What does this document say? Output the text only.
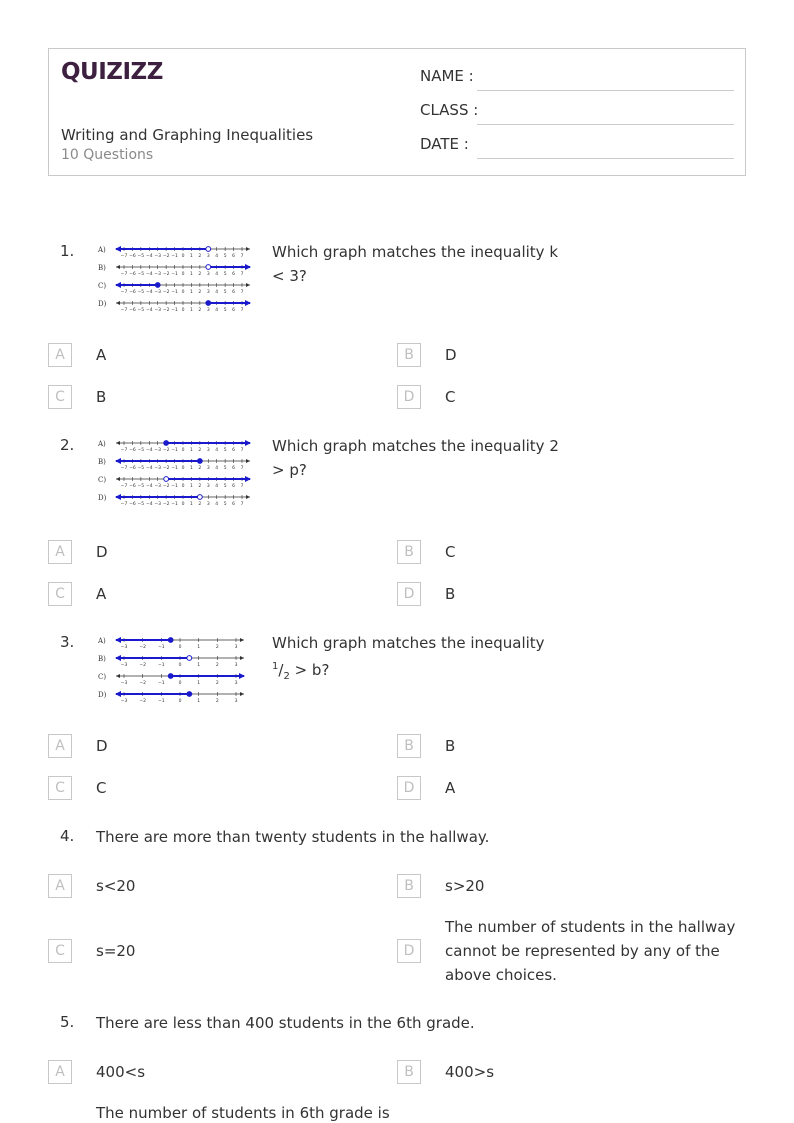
QUIZIZZ
Writing and Graphing Inequalities
10 Questions
NAME :
CLASS :
DATE :
1.	A)
−7 −6 −5 −4 −3 −2 −1 0 1 2 3 4 5 6 7
B)
−7 −6 −5 −4 −3 −2 −1 0 1 2 3 4 5 6 7
C)
−7 −6 −5 −4 −3 −2 −1 0 1 2 3 4 5 6 7
D)
−7 −6 −5 −4 −3 −2 −1 0 1 2 3 4 5 6 7
Which graph matches the inequality k < 3?
A	A	B	D
C	B	D	C
2.	A)
−7 −6 −5 −4 −3 −2 −1 0 1 2 3 4 5 6 7
B)
−7 −6 −5 −4 −3 −2 −1 0 1 2 3 4 5 6 7
C)
−7 −6 −5 −4 −3 −2 −1 0 1 2 3 4 5 6 7
D)
−7 −6 −5 −4 −3 −2 −1 0 1 2 3 4 5 6 7
Which graph matches the inequality 2 > p?
A	D	B	C
C	A	D	B
3.	A)
−3	−2	−1	0	1	2	3
B)
−3	−2	−1	0	1	2	3
C)
−3	−2	−1	0	1	2	3
D)
−3	−2	−1	0	1	2	3
Which graph matches the inequality
$^1/_2 > b$?
A	D	B	B
C	C	D	A
4. There are more than twenty students in the hallway.
A	s<20	B	s>20
C	s=20	D
The number of students in the hallway cannot be represented by any of the above choices.
5. There are less than 400 students in the 6th grade.
A	400<s	B	400>s
The number of students in 6th grade is
